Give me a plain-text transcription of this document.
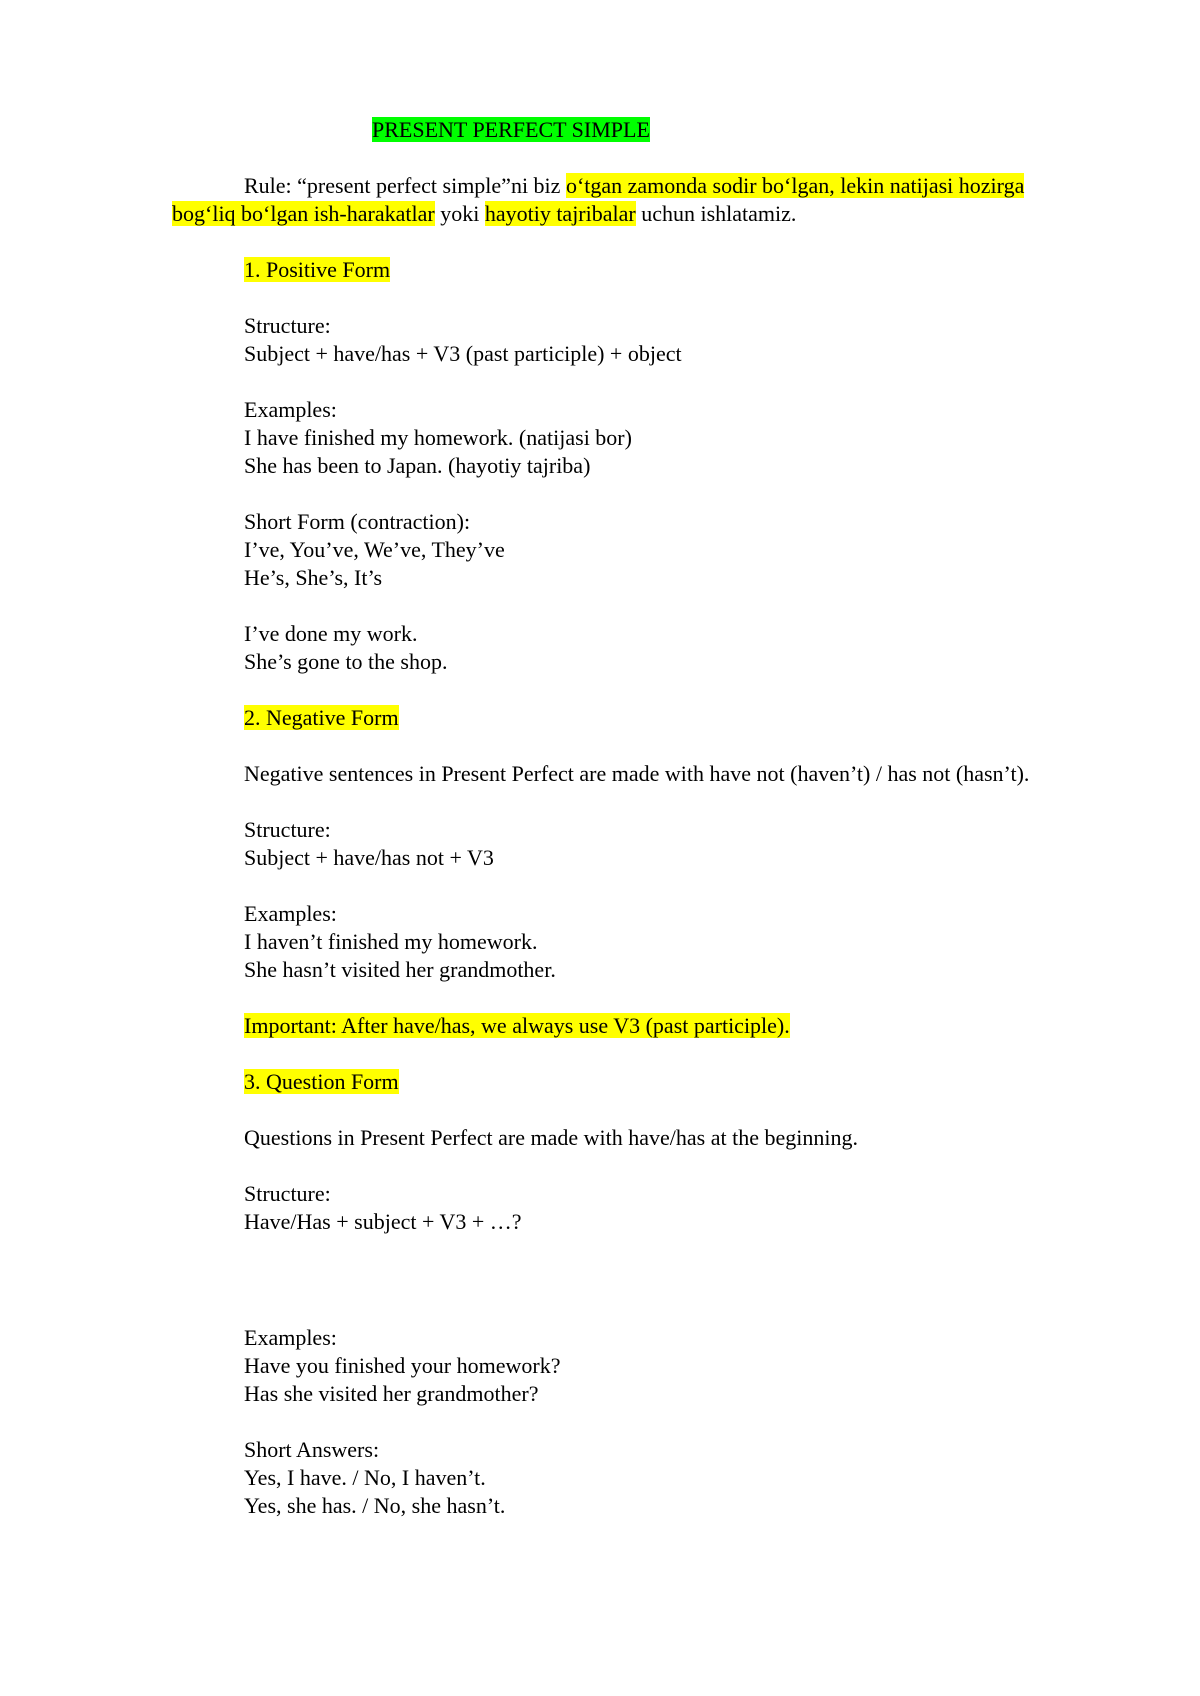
PRESENT PERFECT SIMPLE
Rule: “present perfect simple”ni biz o‘tgan zamonda sodir bo‘lgan, lekin natijasi hozirga
bog‘liq bo‘lgan ish-harakatlar yoki hayotiy tajribalar uchun ishlatamiz.
1. Positive Form
Structure:
Subject + have/has + V3 (past participle) + object
Examples:
I have finished my homework. (natijasi bor)
She has been to Japan. (hayotiy tajriba)
Short Form (contraction):
I’ve, You’ve, We’ve, They’ve
He’s, She’s, It’s
I’ve done my work.
She’s gone to the shop.
2. Negative Form
Negative sentences in Present Perfect are made with have not (haven’t) / has not (hasn’t).
Structure:
Subject + have/has not + V3
Examples:
I haven’t finished my homework.
She hasn’t visited her grandmother.
Important: After have/has, we always use V3 (past participle).
3. Question Form
Questions in Present Perfect are made with have/has at the beginning.
Structure:
Have/Has + subject + V3 + …?
Examples:
Have you finished your homework?
Has she visited her grandmother?
Short Answers:
Yes, I have. / No, I haven’t.
Yes, she has. / No, she hasn’t.
